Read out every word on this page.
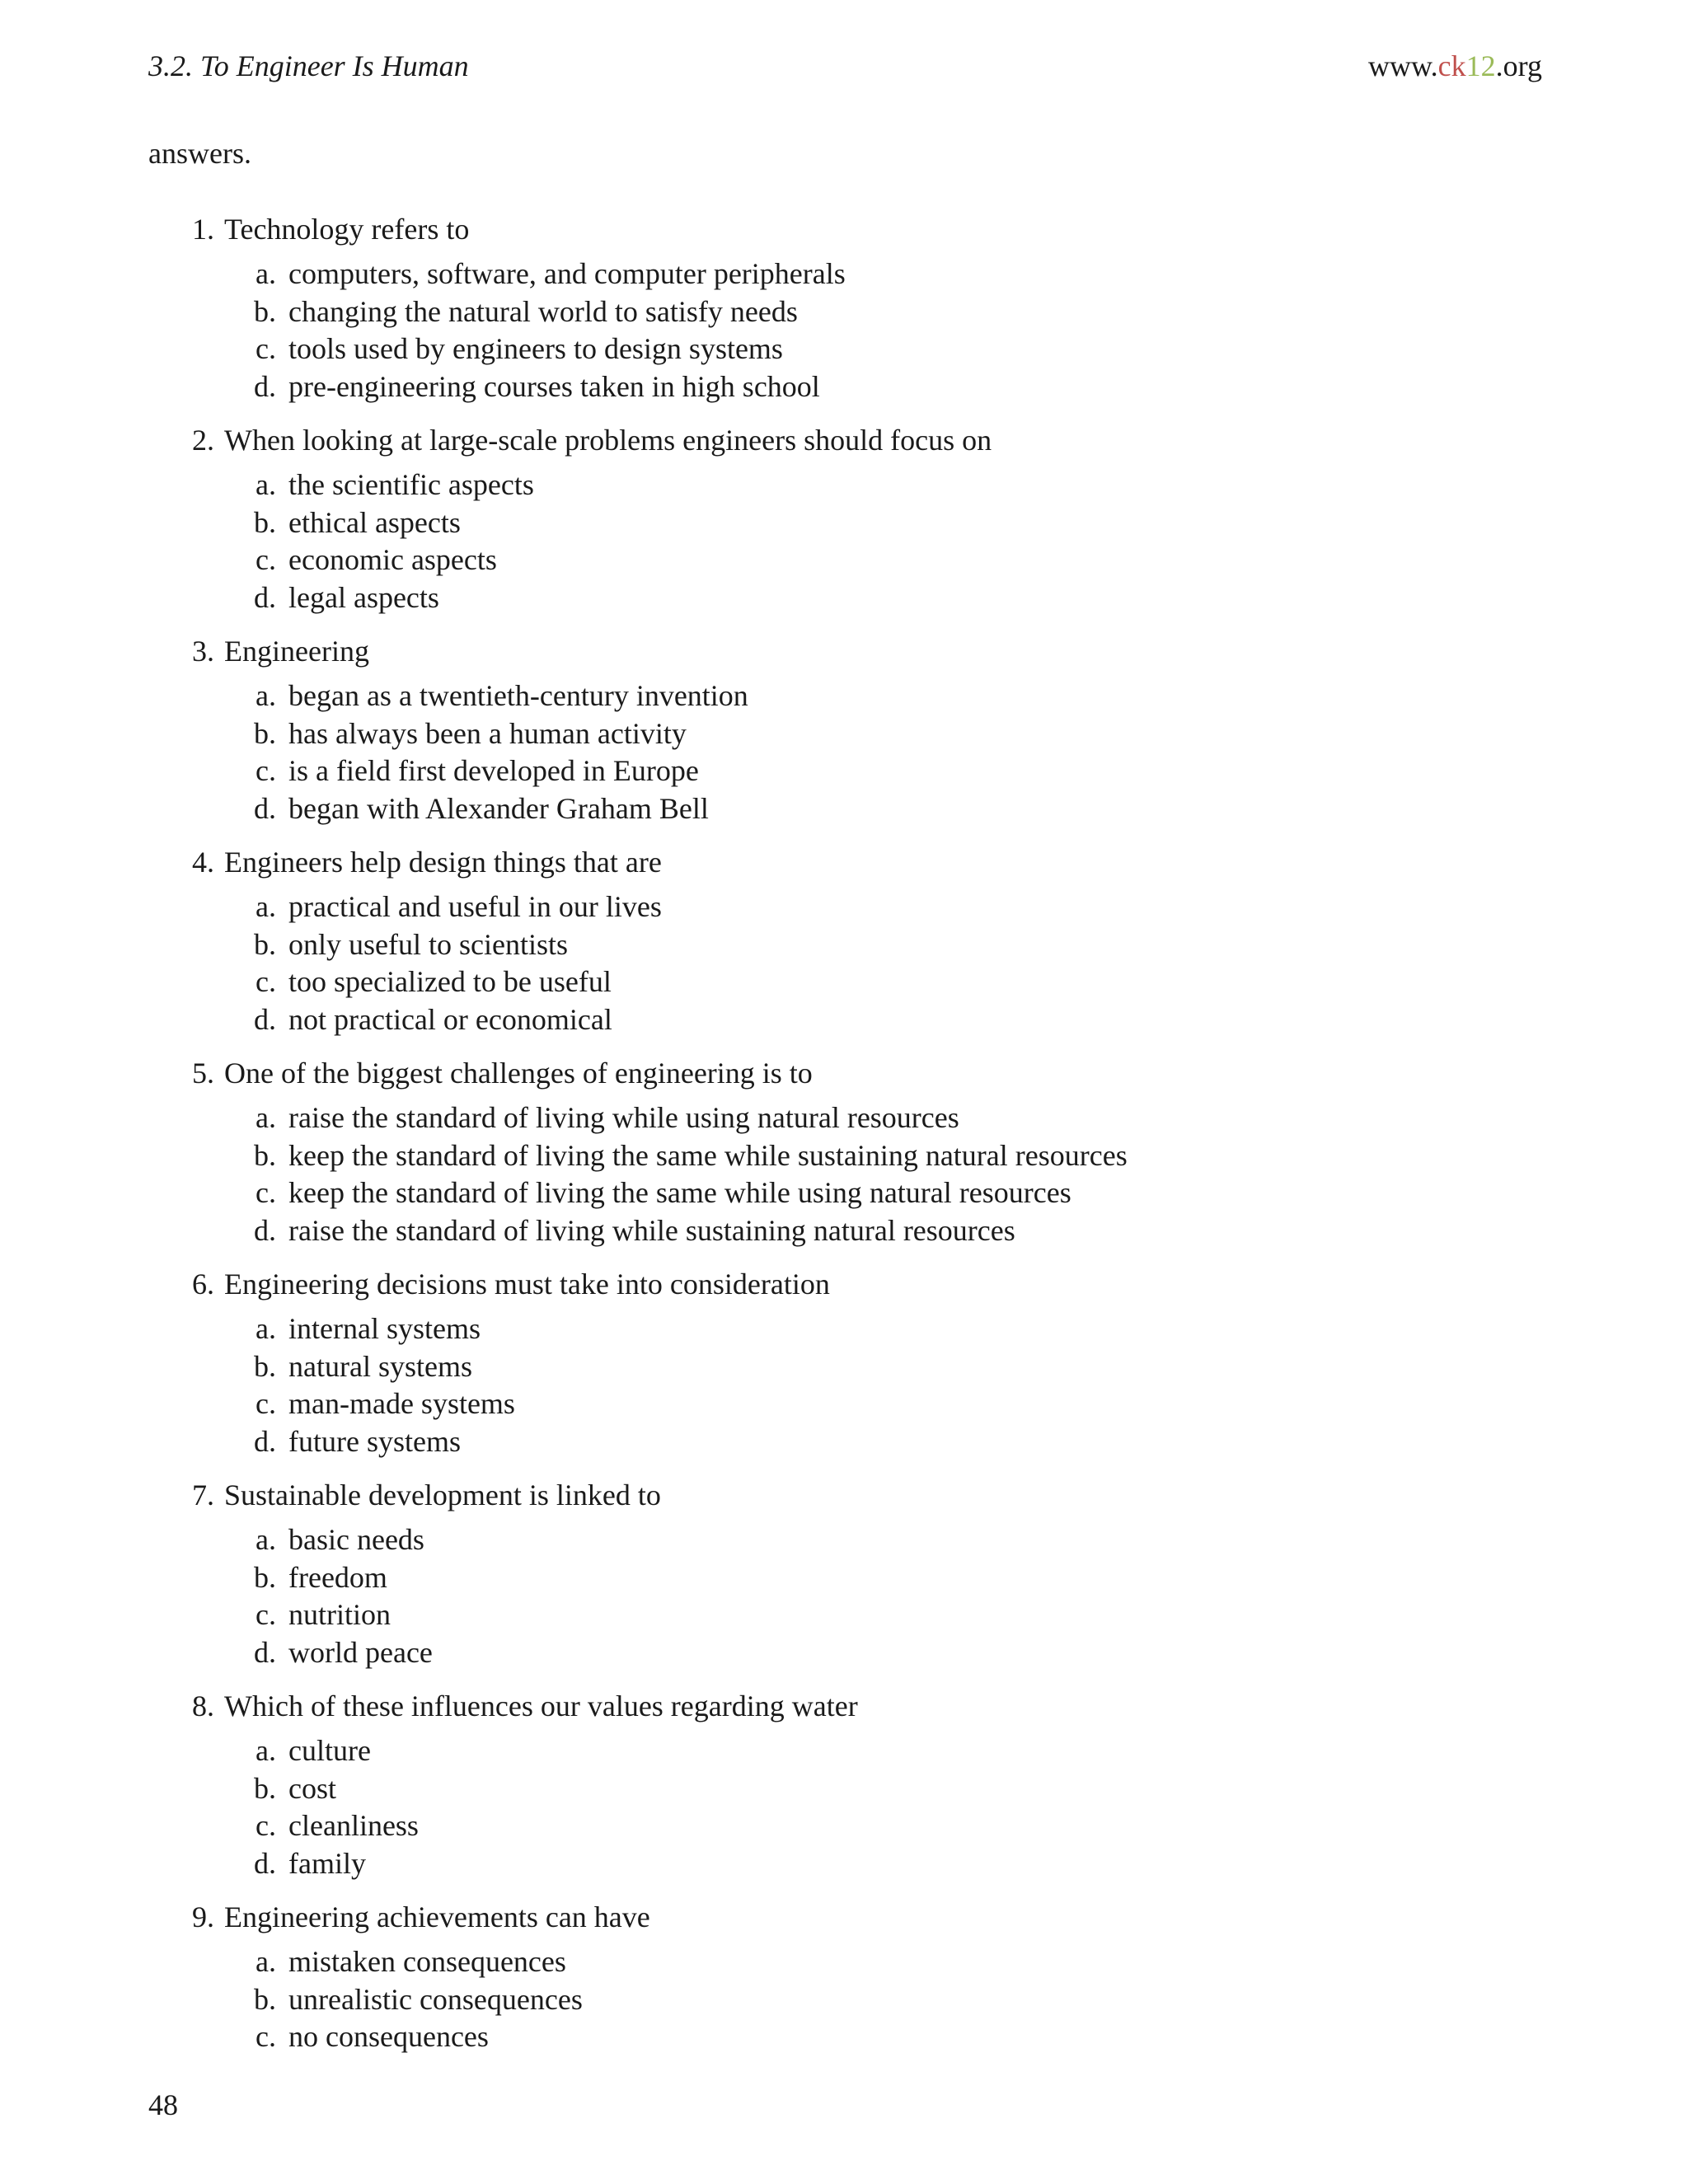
3.2. To Engineer Is Human	www.ck12.org
answers.
1. Technology refers to
a. computers, software, and computer peripherals
b. changing the natural world to satisfy needs
c. tools used by engineers to design systems
d. pre-engineering courses taken in high school
2. When looking at large-scale problems engineers should focus on
a. the scientific aspects
b. ethical aspects
c. economic aspects
d. legal aspects
3. Engineering
a. began as a twentieth-century invention
b. has always been a human activity
c. is a field first developed in Europe
d. began with Alexander Graham Bell
4. Engineers help design things that are
a. practical and useful in our lives
b. only useful to scientists
c. too specialized to be useful
d. not practical or economical
5. One of the biggest challenges of engineering is to
a. raise the standard of living while using natural resources
b. keep the standard of living the same while sustaining natural resources
c. keep the standard of living the same while using natural resources
d. raise the standard of living while sustaining natural resources
6. Engineering decisions must take into consideration
a. internal systems
b. natural systems
c. man-made systems
d. future systems
7. Sustainable development is linked to
a. basic needs
b. freedom
c. nutrition
d. world peace
8. Which of these influences our values regarding water
a. culture
b. cost
c. cleanliness
d. family
9. Engineering achievements can have
a. mistaken consequences
b. unrealistic consequences
c. no consequences
48
